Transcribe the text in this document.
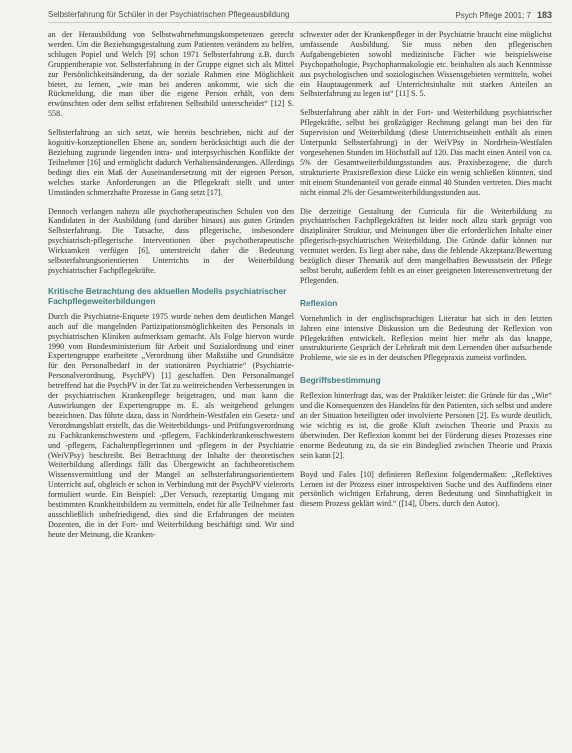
Selbsterfahrung für Schüler in der Psychiatrischen Pflegeausbildung	Psych Pflege 2001; 7 183

an der Herausbildung von Selbstwahrnehmungskompetenzen gerecht werden. Um die Beziehungsgestaltung zum Patienten verändern zu helfen, schlugen Popiel und Welch [9] schon 1971 Selbsterfahrung z.B. durch Gruppentherapie vor. Selbsterfahrung in der Gruppe eignet sich als Mittel zur Persönlichkeitsänderung, da der soziale Rahmen eine Möglichkeit bietet, zu lernen, „wie man bei anderen ankommt, wie sich die Rückmeldung, die man über die eigene Person erhält, von dem erwünschten oder dem selbst erfahrenen Selbstbild unterscheidet“ [12] S. 558.

Selbsterfahrung an sich setzt, wie bereits beschrieben, nicht auf der kognitiv-konzeptionellen Ebene an, sondern berücksichtigt auch die der Beziehung zugrunde liegenden intra- und interpsychischen Konflikte der Teilnehmer [16] und ermöglicht dadurch Verhaltensänderungen. Allerdings bedingt dies ein Maß der Auseinandersetzung mit der eigenen Person, welches starke Anforderungen an die Pflegekraft stellt und unter Umständen schmerzhafte Prozesse in Gang setzt [17].

Dennoch verlangen nahezu alle psychotherapeutischen Schulen von den Kandidaten in der Ausbildung (und darüber hinaus) aus guten Gründen Selbsterfahrung. Die Tatsache, dass pflegerische, insbesondere psychiatrisch-pflegerische Interventionen über psychotherapeutische Wirksamkeit verfügen [6], unterstreicht daher die Bedeutung selbsterfahrungsorientierten Unterrichts in der Weiterbildung psychiatrischer Fachpflegekräfte.

Kritische Betrachtung des aktuellen Modells psychiatrischer Fachpflegeweiterbildungen

Durch die Psychiatrie-Enquete 1975 wurde neben dem deutlichen Mangel auch auf die mangelnden Partizipationsmöglichkeiten des Personals in psychiatrischen Kliniken aufmerksam gemacht. Als Folge hiervon wurde 1990 vom Bundesministerium für Arbeit und Sozialordnung und einer Expertengruppe erarbeitete „Verordnung über Maßstäbe und Grundsätze für den Personalbedarf in der stationären Psychiatrie“ (Psychiatrie-Personalverordnung, PsychPV) [1] geschaffen. Den Personalmangel betreffend hat die PsychPV in der Tat zu weitreichenden Verbesserungen in der psychiatrischen Krankenpflege beigetragen, und man kann die Auswirkungen der Expertengruppe m. E. als weitgehend gelungen bezeichnen. Das führte dazu, dass in Nordrhein-Westfalen ein Gesetz- und Verordnungsblatt erstellt, das die Weiterbildungs- und Prüfungsverordnung zu Fachkrankenschwestern und -pflegern, Fachkinderkrankenschwestern und -pflegern, Fachaltenpflegerinnen und -pflegern in der Psychiatrie (WeiVPsy) beschreibt. Bei Betrachtung der Inhalte der theoretischen Weiterbildung allerdings fällt das Übergewicht an fachtheoretischem Wissensvermittlung und der Mangel an selbsterfahrungsorientiertem Unterricht auf, obgleich er schon in Verbindung mit der PsychPV vielerorts formuliert wurde. Ein Beispiel: „Der Versuch, rezeptartig Umgang mit bestimmten Krankheitsbildern zu vermitteln, endet für alle Teilnehmer fast ausschließlich unbefriedigend, dies sind die Erfahrungen der meisten Dozenten, die in der Fort- und Weiterbildung beschäftigt sind. Wir sind heute der Meinung, die Kranken-

schwester oder der Krankenpfleger in der Psychiatrie braucht eine möglichst umfassende Ausbildung. Sie muss neben den pflegerischen Aufgabengebieten sowohl medizinische Fächer wie beispielsweise Psychopathologie, Psychopharmakologie etc. beinhalten als auch Kenntnisse aus psychologischen und soziologischen Wissensgebieten vermitteln, wobei ein Hauptaugenmerk auf Unterrichtsinhalte mit starken Anteilen an Selbsterfahrung zu legen ist“ [11] S. 5.

Selbsterfahrung aber zählt in der Fort- und Weiterbildung psychiatrischer Pflegekräfte, selbst bei großzügiger Rechnung gelangt man bei den für Supervision und Weiterbildung (diese Unterrichtseinheit enthält als einen Unterpunkt Selbsterfahrung) in der WeiVPsy in Nordrhein-Westfalen vorgesehenen Stunden im Höchstfall auf 120. Das macht einen Anteil von ca. 5% der Gesamtweiterbildungsstunden aus. Praxisbezogene, die durch strukturierte Praxisreflexion diese Lücke ein wenig schließen könnten, sind mit einem Stundenanteil von gerade einmal 40 Stunden vertreten. Dies macht nicht einmal 2% der Gesamtweiterbildungsstunden aus.

Die derzeitige Gestaltung der Curricula für die Weiterbildung zu psychiatrischen Fachpflegekräften ist leider noch allzu stark geprägt von disziplinärer Struktur, und Meinungen über die erforderlichen Inhalte einer pflegerisch-psychiatrischen Weiterbildung. Die Gründe dafür können nur vermutet werden. Es liegt aber nahe, dass die fehlende Akzeptanz/Bewertung bezüglich dieser Thematik auf dem mangelhaften Bewusstsein der Pflege selbst beruht, außerdem fehlt es an einer geeigneten Interessenvertretung der Pflegenden.

Reflexion

Vornehmlich in der englischsprachigen Literatur hat sich in den letzten Jahren eine intensive Diskussion um die Bedeutung der Reflexion von Pflegekräften entwickelt. Reflexion meint hier mehr als das knappe, unstrukturierte Gespräch der Lehrkraft mit dem Lernenden über aufsuchende Probleme, wie sie es in der deutschen Pflegepraxis zumeist vorfinden.

Begriffsbestimmung

Reflexion hinterfragt das, was der Praktiker leistet: die Gründe für das „Wie“ und die Konsequenzen des Handelns für den Patienten, sich selbst und andere an der Situation beteiligten oder involvierte Personen [2]. Es wurde deutlich, wie wichtig es ist, die große Kluft zwischen Theorie und Praxis zu überwinden. Der Reflexion kommt bei der Förderung dieses Prozesses eine enorme Bedeutung zu, da sie ein Bindeglied zwischen Theorie und Praxis sein kann [2].

Boyd und Fales [10] definieren Reflexion folgendermaßen: „Reflektives Lernen ist der Prozess einer introspektiven Suche und des Auffindens einer persönlich wichtigen Erfahrung, deren Bedeutung und Sinnhaftigkeit in diesem Prozess geklärt wird.“ ([14], Übers. durch den Autor).
